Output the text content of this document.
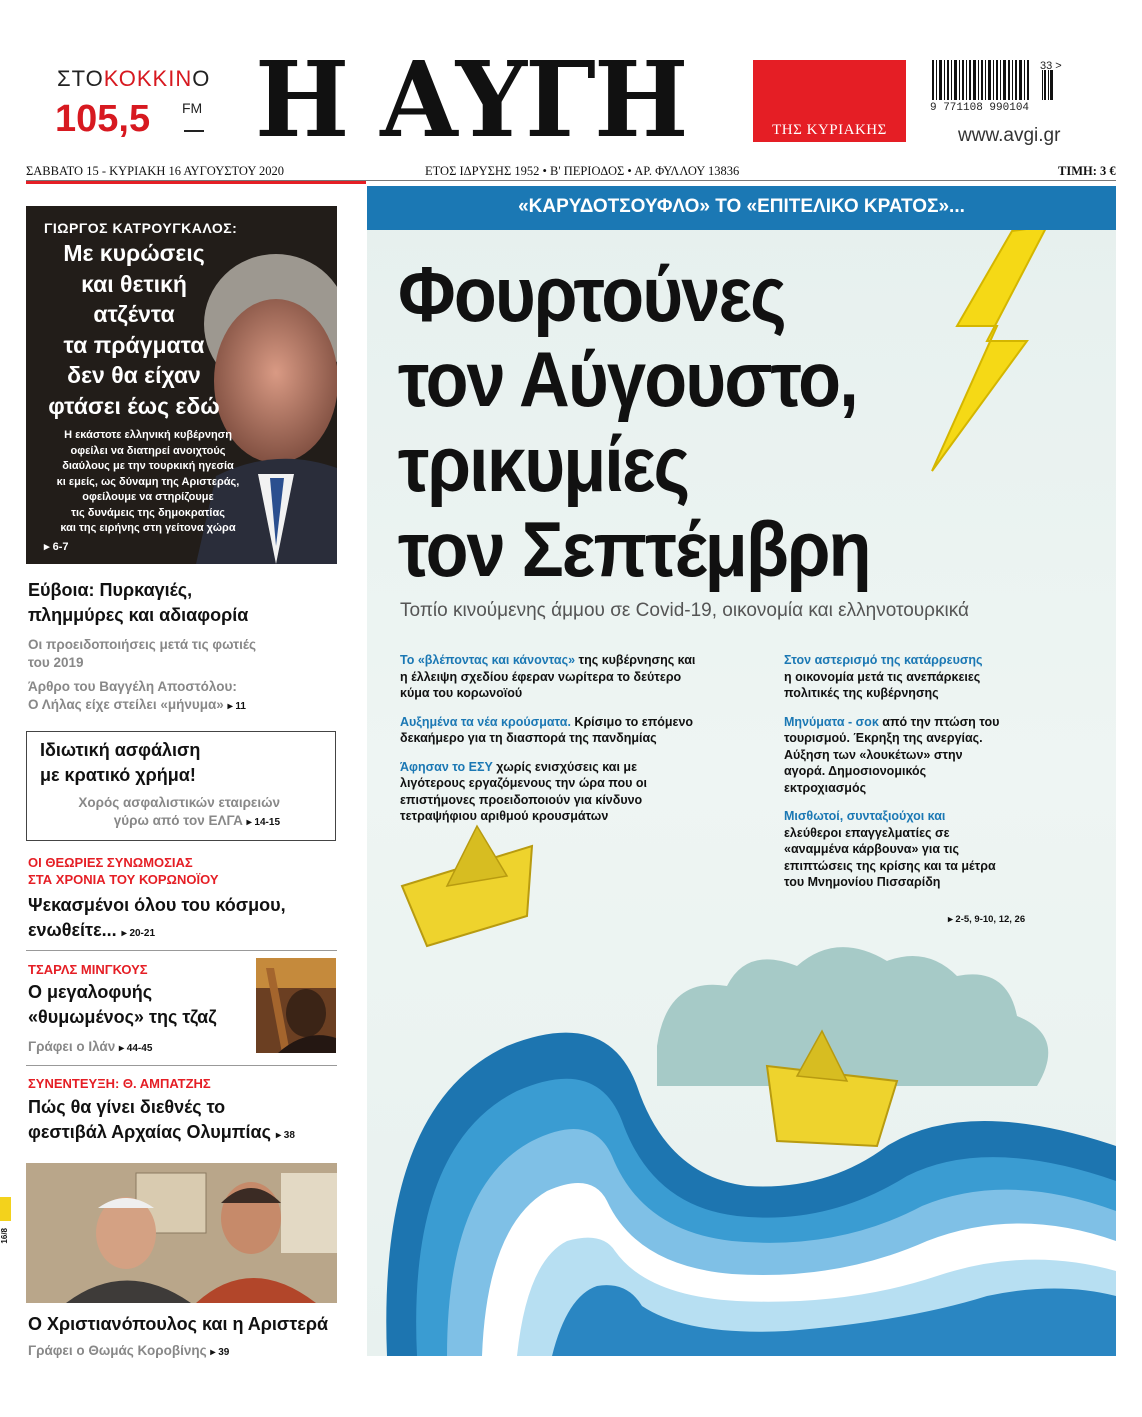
ΣΤΟΚΟΚΚΙΝΟ
105,5 FM Η ΑΥΓΗ	ΤΗΣ ΚΥΡΙΑΚΗΣ
33 >
9 771108 990104
www.avgi.gr
ΣΑΒΒΑΤΟ 15 - ΚΥΡΙΑΚΗ 16 ΑΥΓΟΥΣΤΟΥ 2020	ΕΤΟΣ ΙΔΡΥΣΗΣ 1952 • Β' ΠΕΡΙΟΔΟΣ • ΑΡ. ΦΥΛΛΟΥ 13836	ΤΙΜΗ: 3 €
ΓΙΩΡΓΟΣ ΚΑΤΡΟΥΓΚΑΛΟΣ:
Με κυρώσεις
και θετική
ατζέντα
τα πράγματα
δεν θα είχαν
φτάσει έως εδώ
Η εκάστοτε ελληνική κυβέρνηση
οφείλει να διατηρεί ανοιχτούς
διαύλους με την τουρκική ηγεσία
κι εμείς, ως δύναμη της Αριστεράς,
οφείλουμε να στηρίζουμε
τις δυνάμεις της δημοκρατίας
και της ειρήνης στη γείτονα χώρα
▸ 6-7
Εύβοια: Πυρκαγιές,
πλημμύρες και αδιαφορία
Οι προειδοποιήσεις μετά τις φωτιές
του 2019
Άρθρο του Βαγγέλη Αποστόλου:
Ο Λήλας είχε στείλει «μήνυμα» ▸ 11
Ιδιωτική ασφάλιση
με κρατικό χρήμα!
Χορός ασφαλιστικών εταιρειών
γύρω από τον ΕΛΓΑ ▸ 14-15
ΟΙ ΘΕΩΡΙΕΣ ΣΥΝΩΜΟΣΙΑΣ
ΣΤΑ ΧΡΟΝΙΑ ΤΟΥ ΚΟΡΩΝΟΪΟΥ
Ψεκασμένοι όλου του κόσμου,
ενωθείτε... ▸ 20-21
ΤΣΑΡΛΣ ΜΙΝΓΚΟΥΣ
Ο μεγαλοφυής
«θυμωμένος» της τζαζ
Γράφει ο Ιλάν ▸ 44-45
ΣΥΝΕΝΤΕΥΞΗ: Θ. ΑΜΠΑΤΖΗΣ
Πώς θα γίνει διεθνές το
φεστιβάλ Αρχαίας Ολυμπίας ▸ 38
Ο Χριστιανόπουλος και η Αριστερά
Γράφει ο Θωμάς Κοροβίνης ▸ 39
16/8
«ΚΑΡΥΔΟΤΣΟΥΦΛΟ» ΤΟ «ΕΠΙΤΕΛΙΚΟ ΚΡΑΤΟΣ»...
Φουρτούνες
τον Αύγουστο,
τρικυμίες
τον Σεπτέμβρη
Τοπίο κινούμενης άμμου σε Covid-19, οικονομία και ελληνοτουρκικά
Το «βλέποντας και κάνοντας» της κυβέρνησης και
η έλλειψη σχεδίου έφεραν νωρίτερα το δεύτερο
κύμα του κορωνοϊού
Αυξημένα τα νέα κρούσματα. Κρίσιμο το επόμενο
δεκαήμερο για τη διασπορά της πανδημίας
Άφησαν το ΕΣΥ χωρίς ενισχύσεις και με
λιγότερους εργαζόμενους την ώρα που οι
επιστήμονες προειδοποιούν για κίνδυνο
τετραψήφιου αριθμού κρουσμάτων
Στον αστερισμό της κατάρρευσης
η οικονομία μετά τις ανεπάρκειες
πολιτικές της κυβέρνησης
Μηνύματα - σοκ από την πτώση του
τουρισμού. Έκρηξη της ανεργίας.
Αύξηση των «λουκέτων» στην
αγορά. Δημοσιονομικός
εκτροχιασμός
Μισθωτοί, συνταξιούχοι και
ελεύθεροι επαγγελματίες σε
«αναμμένα κάρβουνα» για τις
επιπτώσεις της κρίσης και τα μέτρα
του Μνημονίου Πισσαρίδη
▸ 2-5, 9-10, 12, 26
